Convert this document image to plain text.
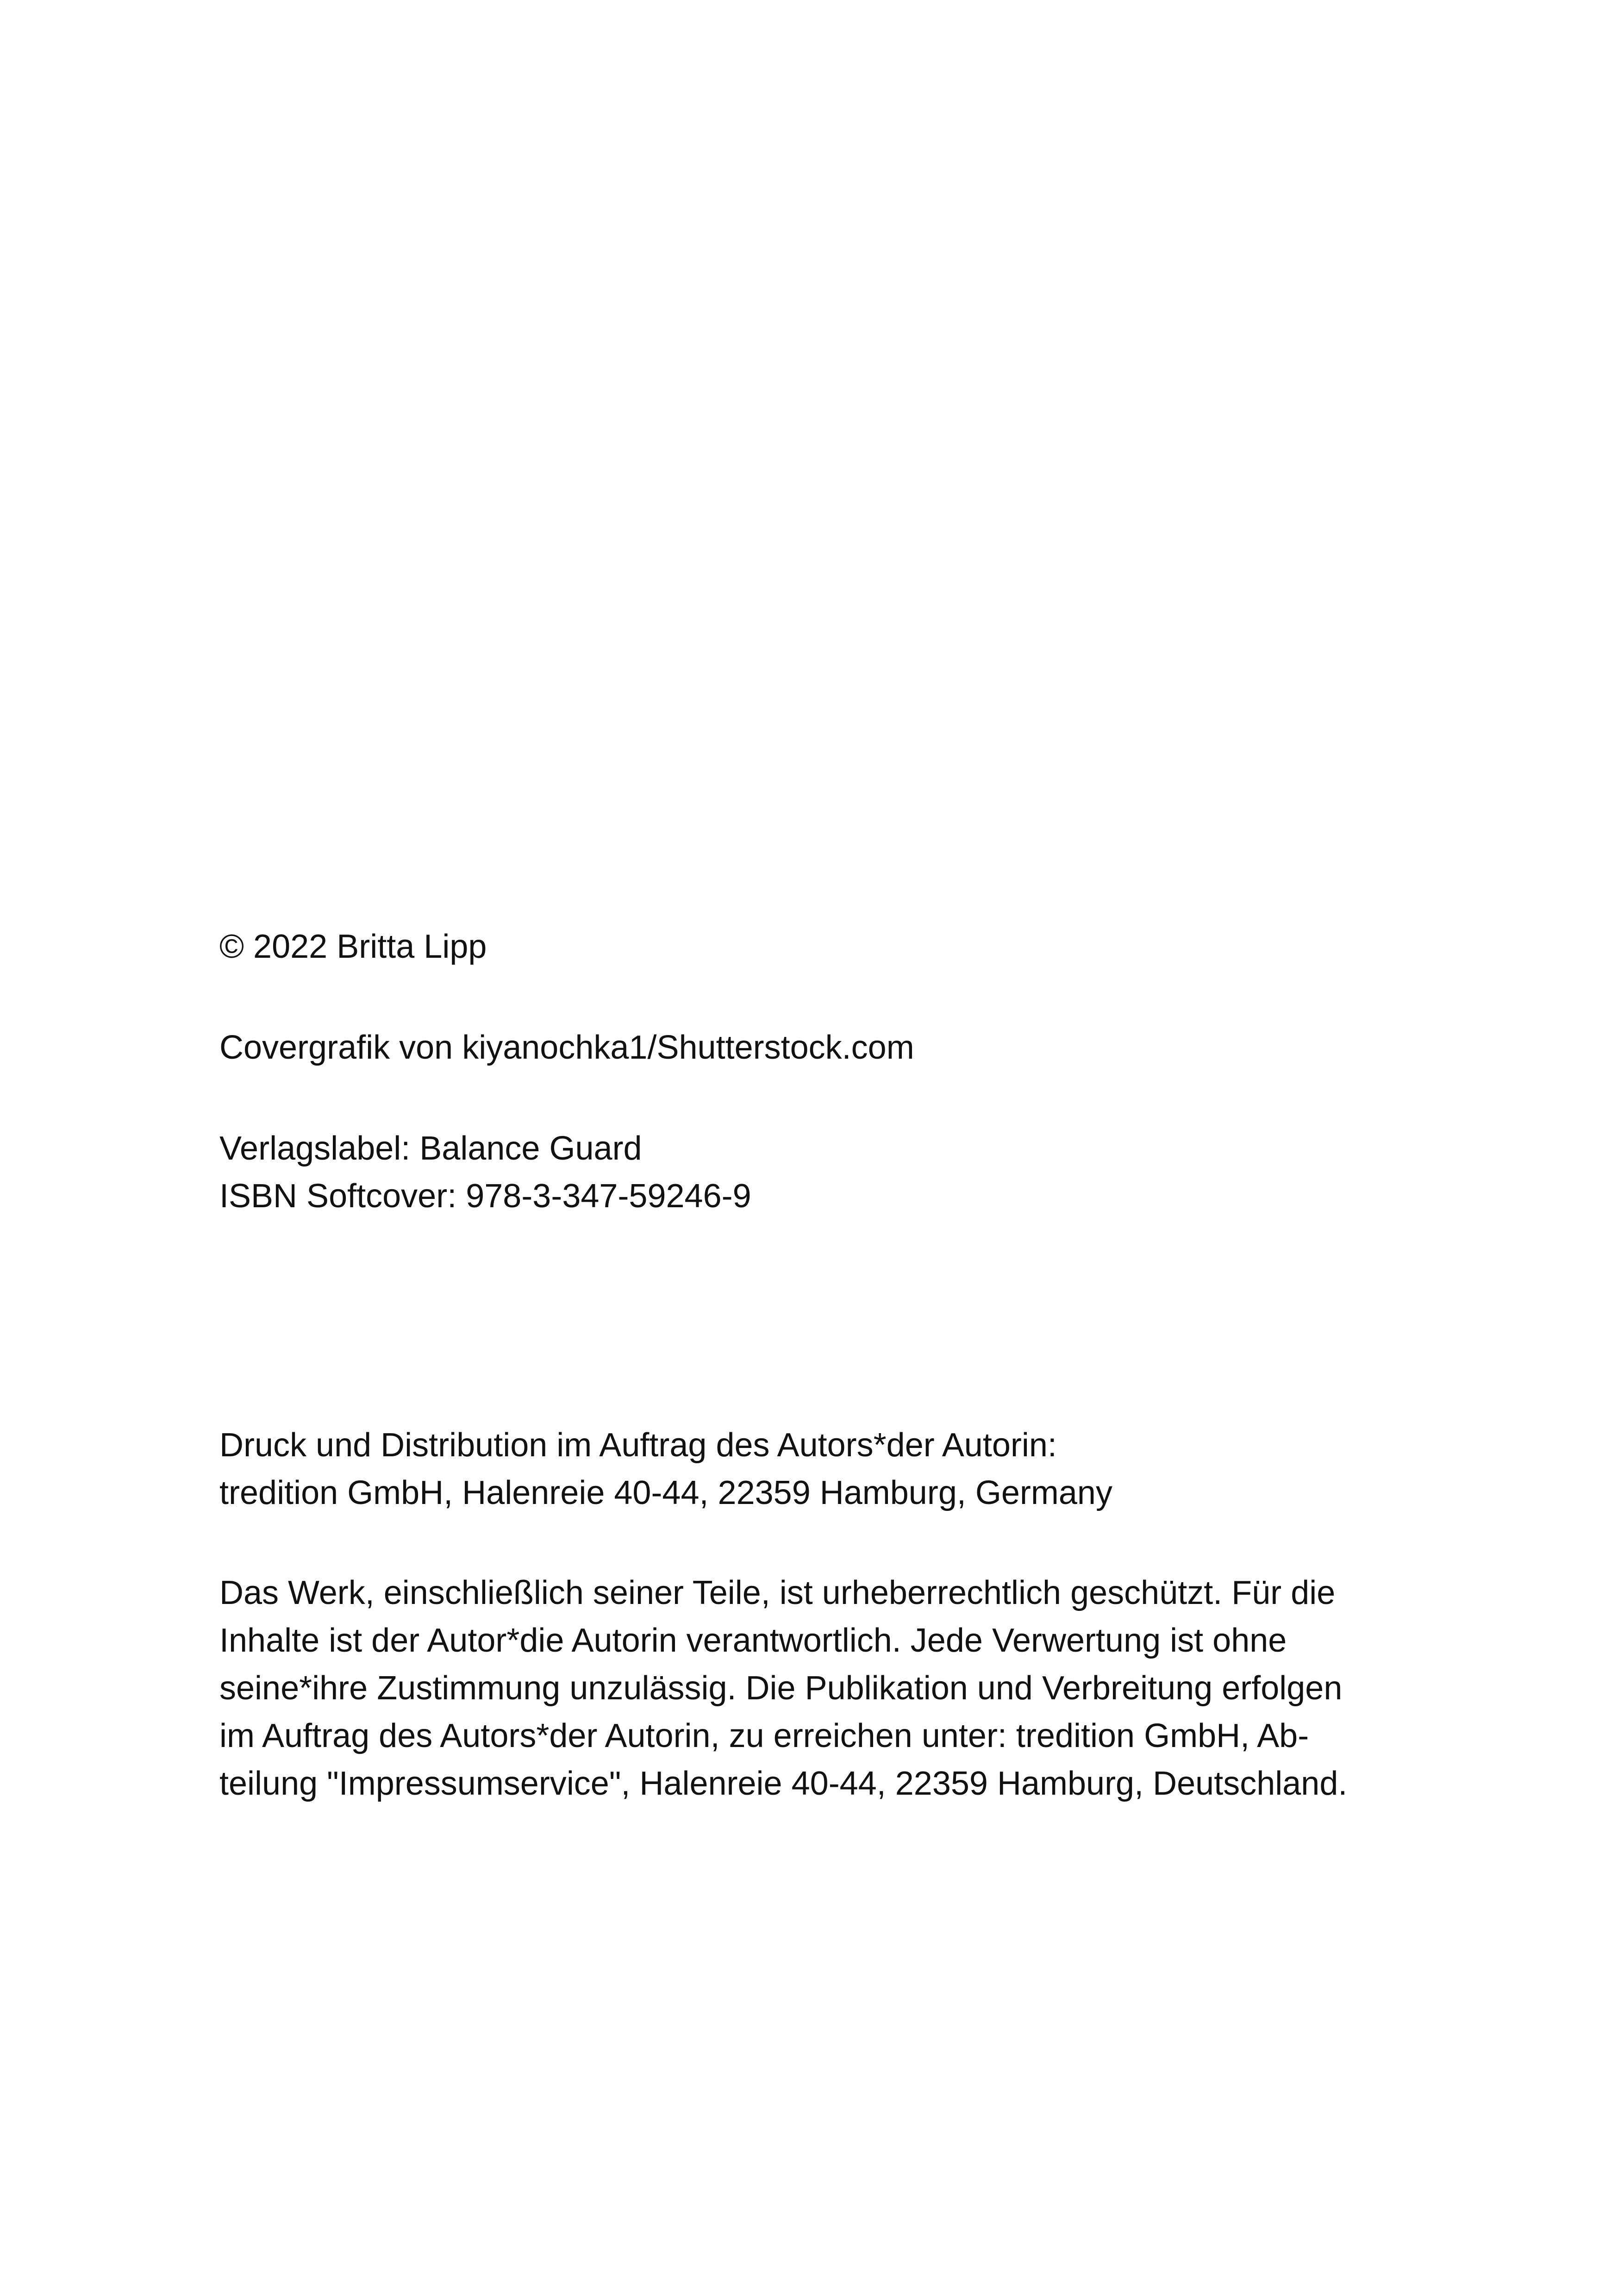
© 2022 Britta Lipp
Covergrafik von kiyanochka1/Shutterstock.com
Verlagslabel: Balance Guard
ISBN Softcover: 978-3-347-59246-9
Druck und Distribution im Auftrag des Autors*der Autorin:
tredition GmbH, Halenreie 40-44, 22359 Hamburg, Germany
Das Werk, einschließlich seiner Teile, ist urheberrechtlich geschützt. Für die
Inhalte ist der Autor*die Autorin verantwortlich. Jede Verwertung ist ohne
seine*ihre Zustimmung unzulässig. Die Publikation und Verbreitung erfolgen
im Auftrag des Autors*der Autorin, zu erreichen unter: tredition GmbH, Ab-
teilung "Impressumservice", Halenreie 40-44, 22359 Hamburg, Deutschland.
